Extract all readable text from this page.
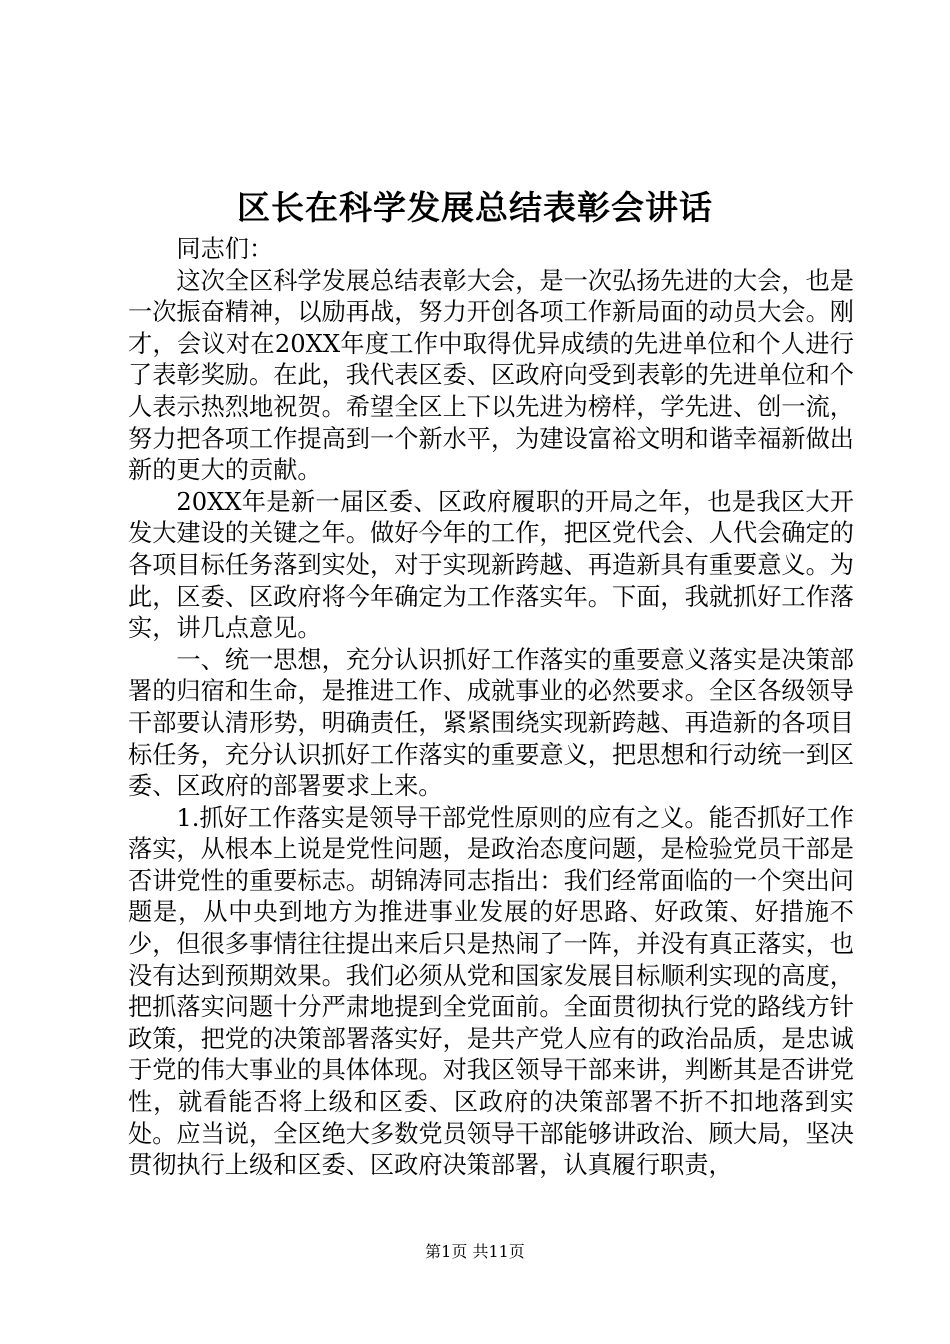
区长在科学发展总结表彰会讲话

同志们：

这次全区科学发展总结表彰大会，是一次弘扬先进的大会，也是一次振奋精神，以励再战，努力开创各项工作新局面的动员大会。刚才，会议对在20XX年度工作中取得优异成绩的先进单位和个人进行了表彰奖励。在此，我代表区委、区政府向受到表彰的先进单位和个人表示热烈地祝贺。希望全区上下以先进为榜样，学先进、创一流，努力把各项工作提高到一个新水平，为建设富裕文明和谐幸福新做出新的更大的贡献。

20XX年是新一届区委、区政府履职的开局之年，也是我区大开发大建设的关键之年。做好今年的工作，把区党代会、人代会确定的各项目标任务落到实处，对于实现新跨越、再造新具有重要意义。为此，区委、区政府将今年确定为工作落实年。下面，我就抓好工作落实，讲几点意见。

一、统一思想，充分认识抓好工作落实的重要意义落实是决策部署的归宿和生命，是推进工作、成就事业的必然要求。全区各级领导干部要认清形势，明确责任，紧紧围绕实现新跨越、再造新的各项目标任务，充分认识抓好工作落实的重要意义，把思想和行动统一到区委、区政府的部署要求上来。

1.抓好工作落实是领导干部党性原则的应有之义。能否抓好工作落实，从根本上说是党性问题，是政治态度问题，是检验党员干部是否讲党性的重要标志。胡锦涛同志指出：我们经常面临的一个突出问题是，从中央到地方为推进事业发展的好思路、好政策、好措施不少，但很多事情往往提出来后只是热闹了一阵，并没有真正落实，也没有达到预期效果。我们必须从党和国家发展目标顺利实现的高度，把抓落实问题十分严肃地提到全党面前。全面贯彻执行党的路线方针政策，把党的决策部署落实好，是共产党人应有的政治品质，是忠诚于党的伟大事业的具体体现。对我区领导干部来讲，判断其是否讲党性，就看能否将上级和区委、区政府的决策部署不折不扣地落到实处。应当说，全区绝大多数党员领导干部能够讲政治、顾大局，坚决贯彻执行上级和区委、区政府决策部署，认真履行职责，

第1页 共11页
